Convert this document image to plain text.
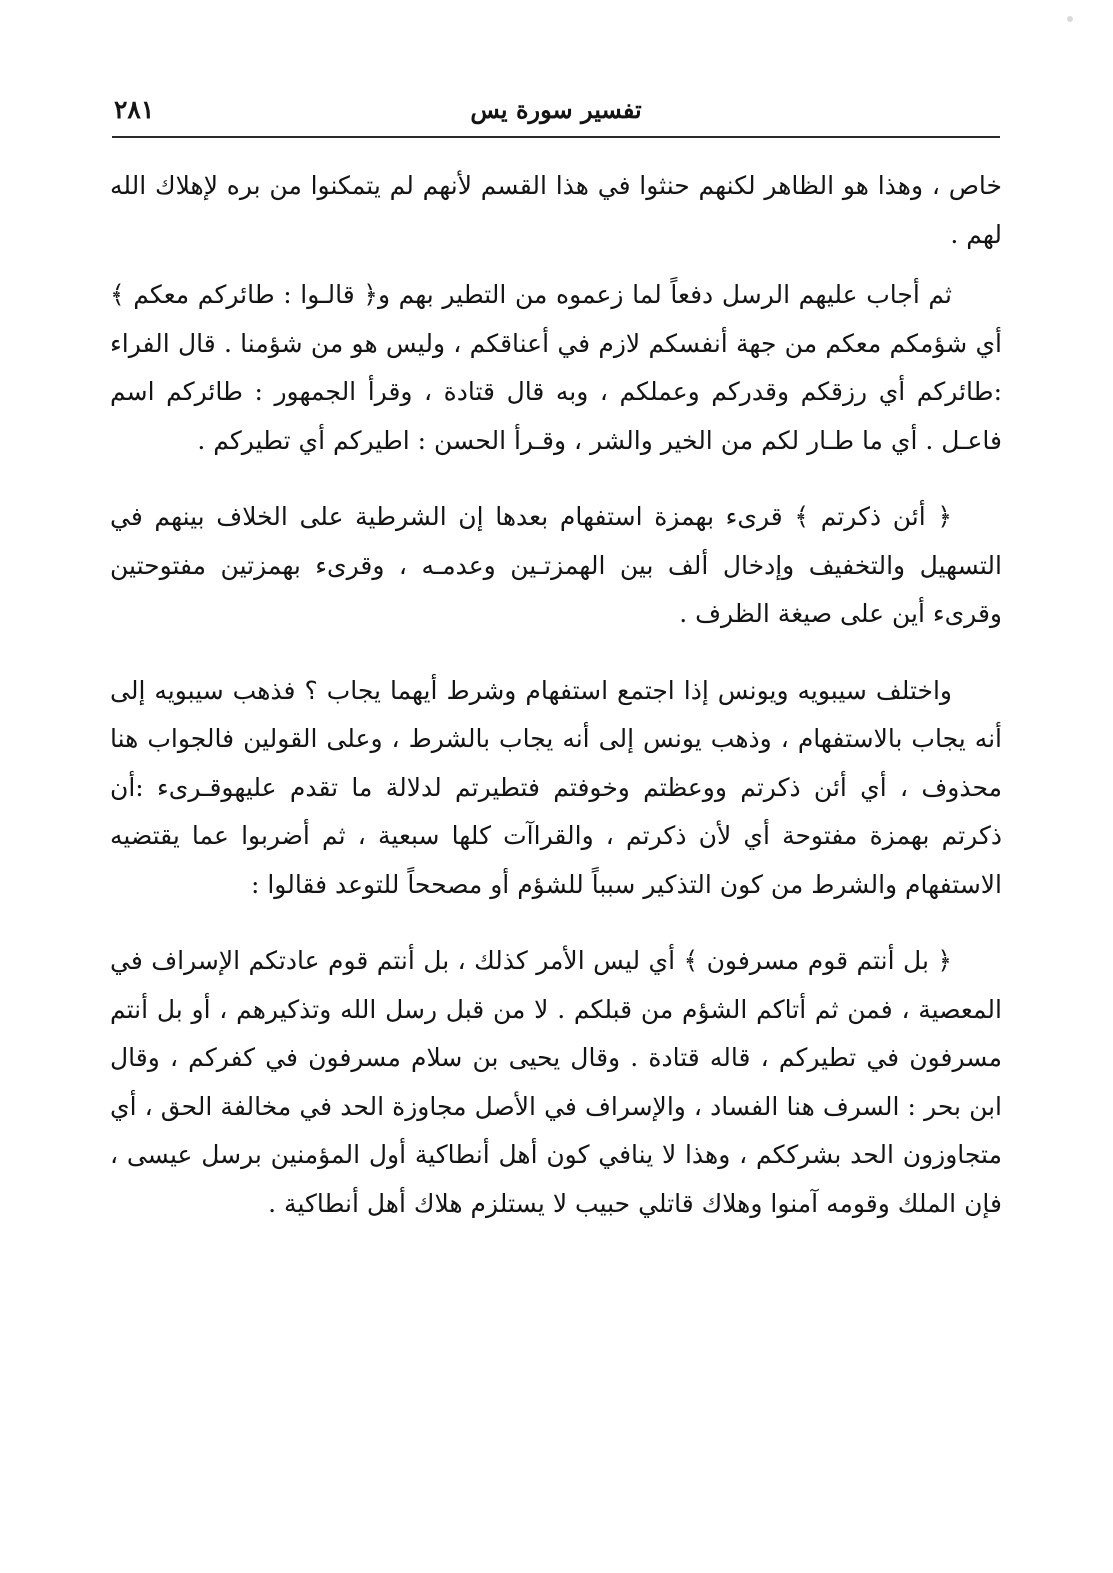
٢٨١	تفسير سورة يس

خاص ، وهذا هو الظاهر لكنهم حنثوا في هذا القسم لأنهم لم يتمكنوا من بره لإهلاك الله لهم .

ثم أجاب عليهم الرسل دفعاً لما زعموه من التطير بهم و﴿ قالـوا : طائركم معكم ﴾ أي شؤمكم معكم من جهة أنفسكم لازم في أعناقكم ، وليس هو من شؤمنا . قال الفراء :طائركم أي رزقكم وقدركم وعملكم ، وبه قال قتادة ، وقرأ الجمهور : طائركم اسم فاعـل . أي ما طـار لكم من الخير والشر ، وقـرأ الحسن : اطيركم أي تطيركم .

﴿ أئن ذكرتم ﴾ قرىء بهمزة استفهام بعدها إن الشرطية على الخلاف بينهم في التسهيل والتخفيف وإدخال ألف بين الهمزتـين وعدمـه ، وقرىء بهمزتين مفتوحتين وقرىء أين على صيغة الظرف .

واختلف سيبويه ويونس إذا اجتمع استفهام وشرط أيهما يجاب ؟ فذهب سيبويه إلى أنه يجاب بالاستفهام ، وذهب يونس إلى أنه يجاب بالشرط ، وعلى القولين فالجواب هنا محذوف ، أي أئن ذكرتم ووعظتم وخوفتم فتطيرتم لدلالة ما تقدم عليهوقـرىء :أن ذكرتم بهمزة مفتوحة أي لأن ذكرتم ، والقراآت كلها سبعية ، ثم أضربوا عما يقتضيه الاستفهام والشرط من كون التذكير سبباً للشؤم أو مصححاً للتوعد فقالوا :

﴿ بل أنتم قوم مسرفون ﴾ أي ليس الأمر كذلك ، بل أنتم قوم عادتكم الإسراف في المعصية ، فمن ثم أتاكم الشؤم من قبلكم . لا من قبل رسل الله وتذكيرهم ، أو بل أنتم مسرفون في تطيركم ، قاله قتادة . وقال يحيى بن سلام مسرفون في كفركم ، وقال ابن بحر : السرف هنا الفساد ، والإسراف في الأصل مجاوزة الحد في مخالفة الحق ، أي متجاوزون الحد بشرككم ، وهذا لا ينافي كون أهل أنطاكية أول المؤمنين برسل عيسى ، فإن الملك وقومه آمنوا وهلاك قاتلي حبيب لا يستلزم هلاك أهل أنطاكية .
